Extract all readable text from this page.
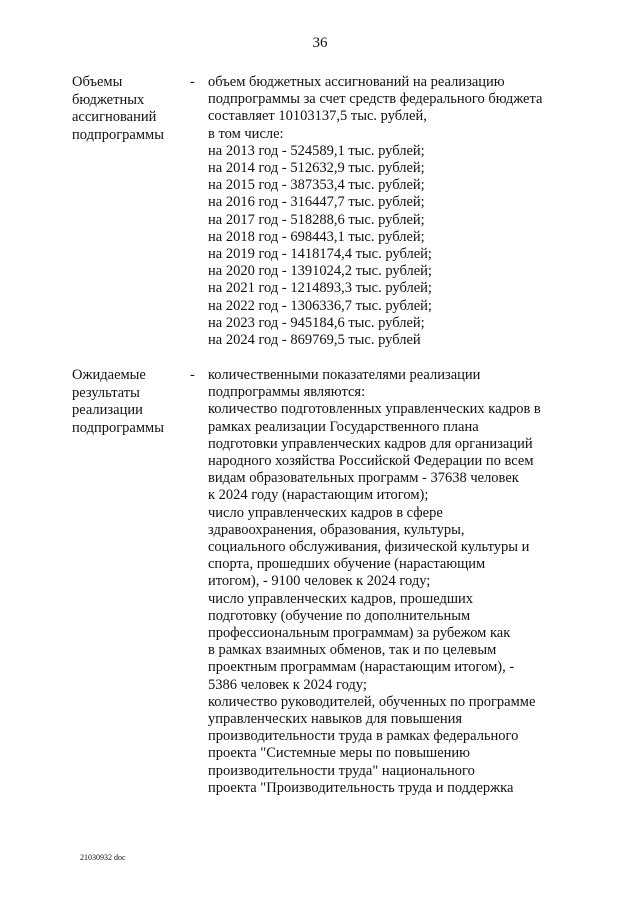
36
Объемы
бюджетных
ассигнований
подпрограммы
- объем бюджетных ассигнований на реализацию
подпрограммы за счет средств федерального бюджета
составляет 10103137,5 тыс. рублей,
в том числе:
на 2013 год - 524589,1 тыс. рублей;
на 2014 год - 512632,9 тыс. рублей;
на 2015 год - 387353,4 тыс. рублей;
на 2016 год - 316447,7 тыс. рублей;
на 2017 год - 518288,6 тыс. рублей;
на 2018 год - 698443,1 тыс. рублей;
на 2019 год - 1418174,4 тыс. рублей;
на 2020 год - 1391024,2 тыс. рублей;
на 2021 год - 1214893,3 тыс. рублей;
на 2022 год - 1306336,7 тыс. рублей;
на 2023 год - 945184,6 тыс. рублей;
на 2024 год - 869769,5 тыс. рублей
Ожидаемые
результаты
реализации
подпрограммы
- количественными показателями реализации
подпрограммы являются:
количество подготовленных управленческих кадров в
рамках реализации Государственного плана
подготовки управленческих кадров для организаций
народного хозяйства Российской Федерации по всем
видам образовательных программ - 37638 человек
к 2024 году (нарастающим итогом);
число управленческих кадров в сфере
здравоохранения, образования, культуры,
социального обслуживания, физической культуры и
спорта, прошедших обучение (нарастающим
итогом), - 9100 человек к 2024 году;
число управленческих кадров, прошедших
подготовку (обучение по дополнительным
профессиональным программам) за рубежом как
в рамках взаимных обменов, так и по целевым
проектным программам (нарастающим итогом), -
5386 человек к 2024 году;
количество руководителей, обученных по программе
управленческих навыков для повышения
производительности труда в рамках федерального
проекта "Системные меры по повышению
производительности труда" национального
проекта "Производительность труда и поддержка
21030932 doc
